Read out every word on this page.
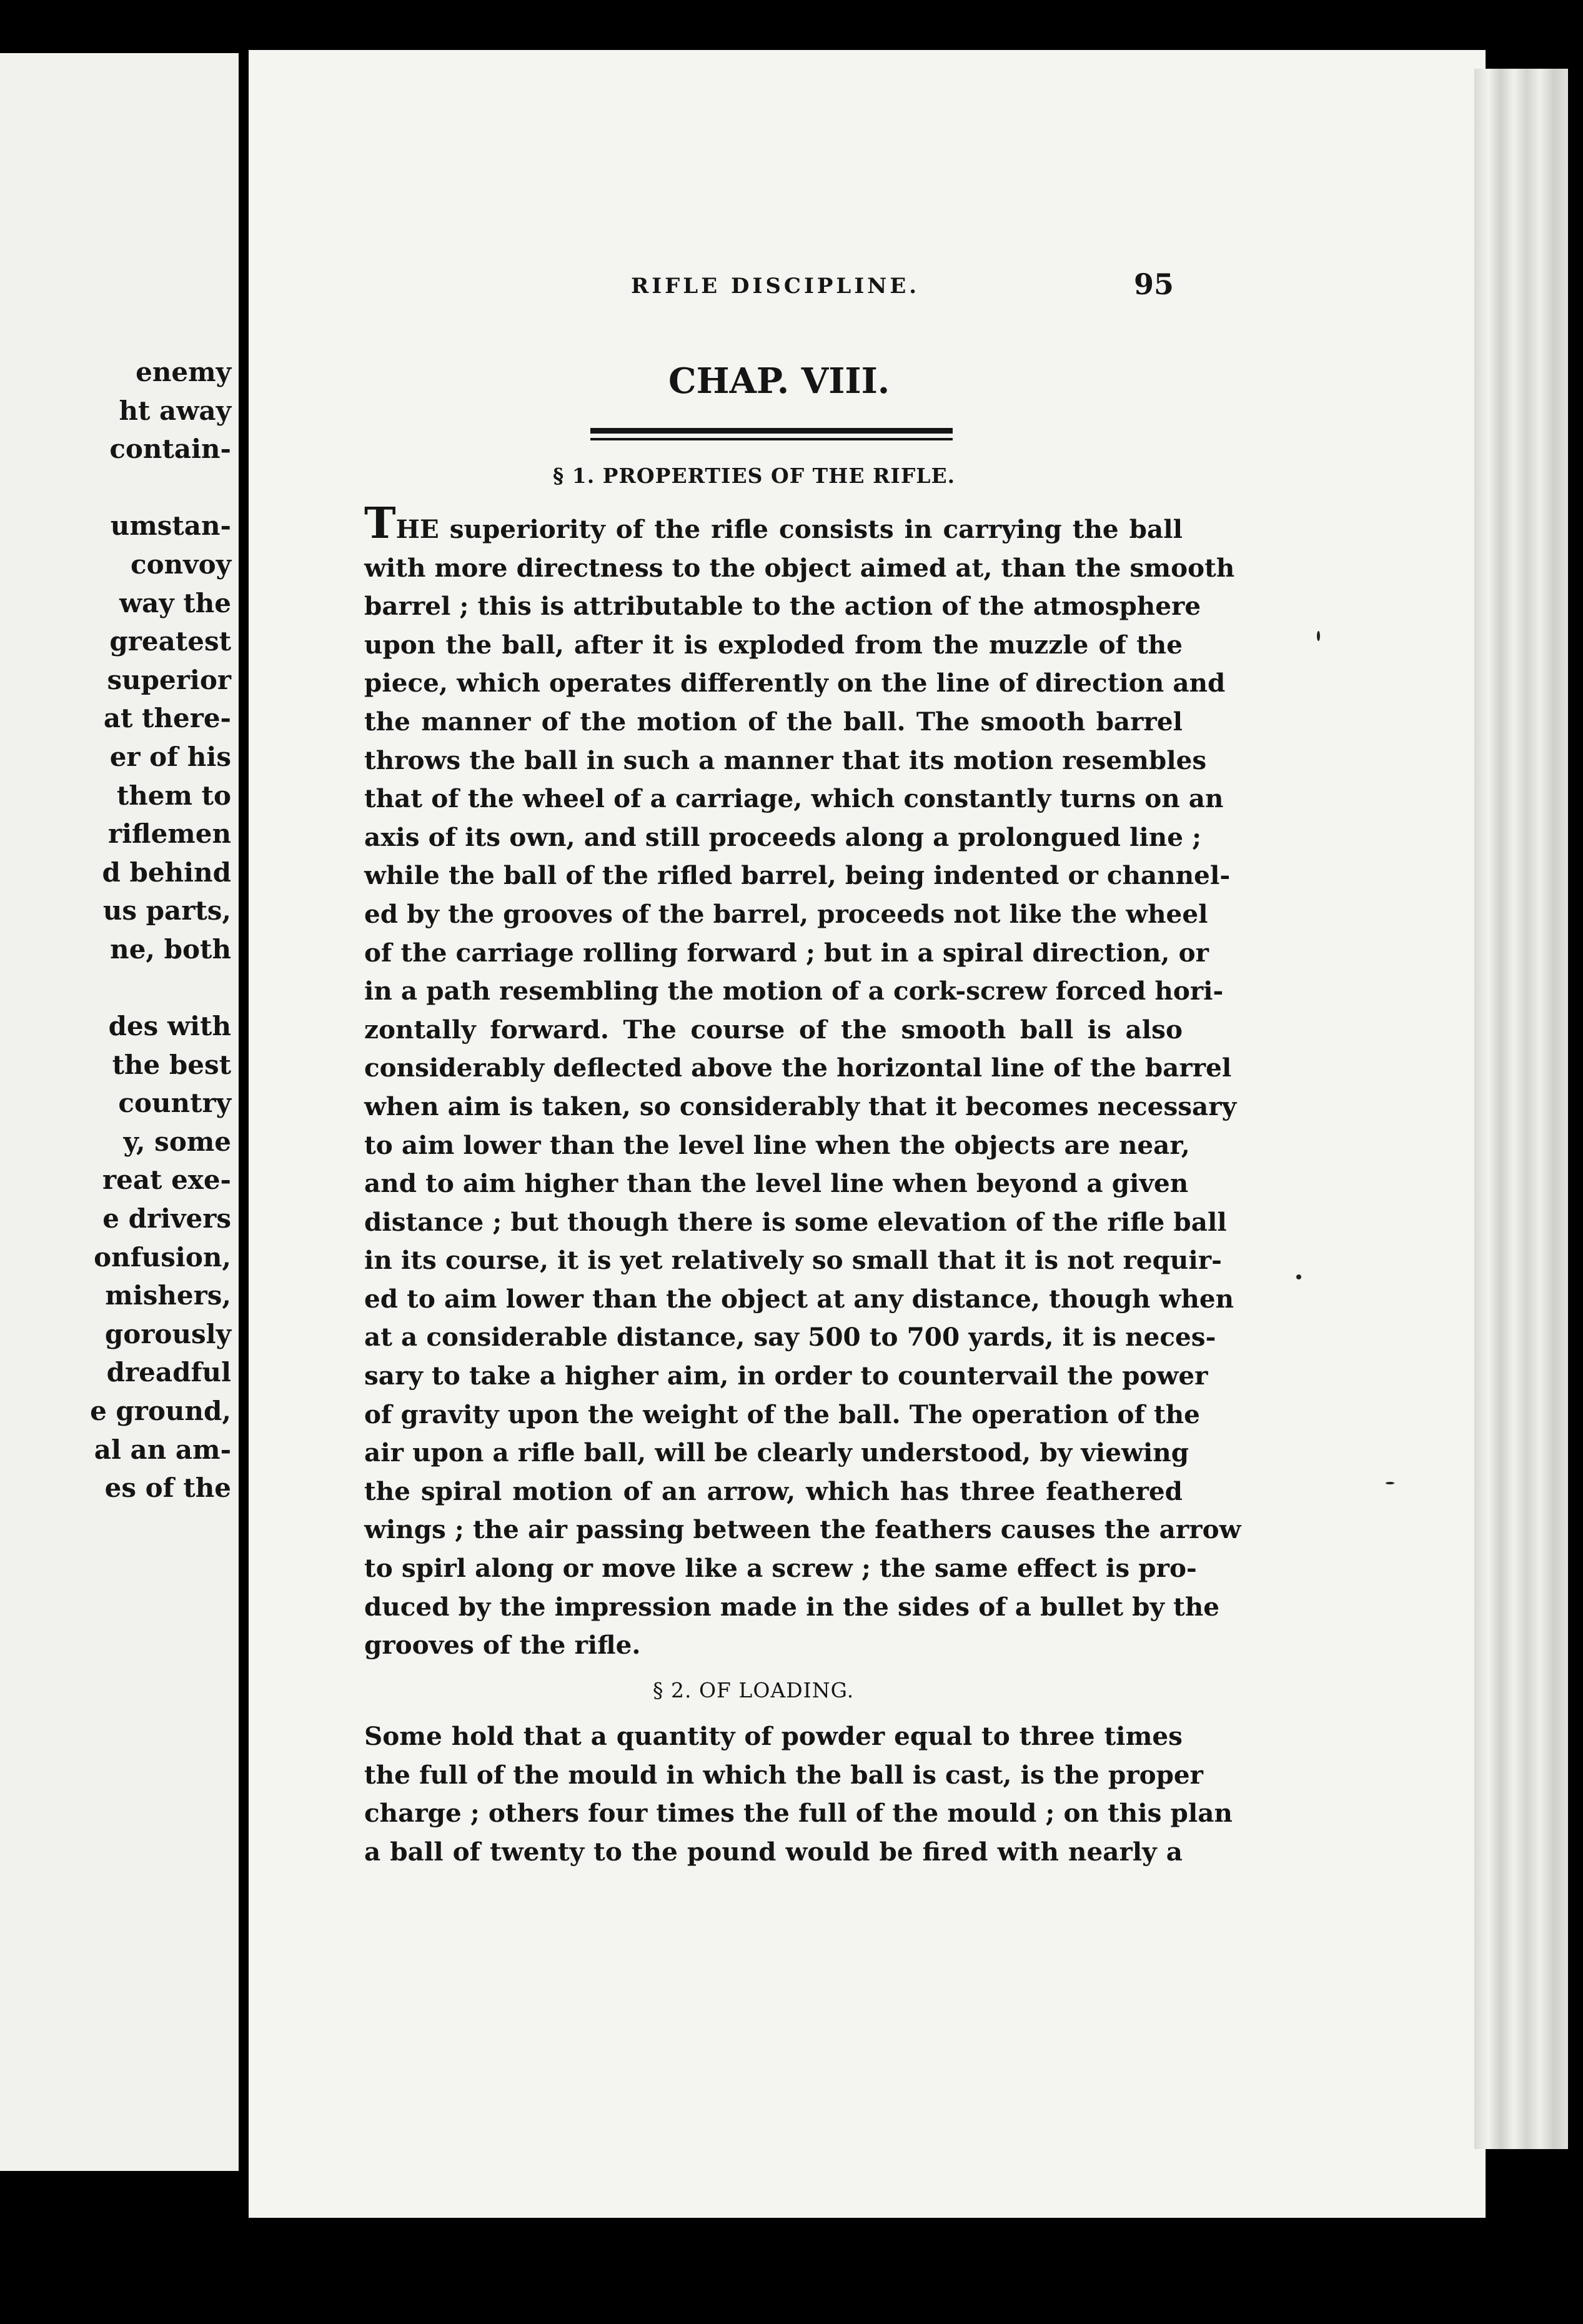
enemy
ht away
contain-
umstan-
convoy
way the
greatest
superior
at there-
er of his
them to
riflemen
d behind
us parts,
ne, both
des with
the best
country
y, some
reat exe-
e drivers
onfusion,
mishers,
gorously
dreadful
e ground,
al an am-
es of the
RIFLE DISCIPLINE.	95
CHAP. VIII.
§ 1. PROPERTIES OF THE RIFLE.
THE superiority of the rifle consists in carrying the ball
with more directness to the object aimed at, than the smooth
barrel ; this is attributable to the action of the atmosphere
upon the ball, after it is exploded from the muzzle of the
piece, which operates differently on the line of direction and
the manner of the motion of the ball. The smooth barrel
throws the ball in such a manner that its motion resembles
that of the wheel of a carriage, which constantly turns on an
axis of its own, and still proceeds along a prolongued line ;
while the ball of the rifled barrel, being indented or channel-
ed by the grooves of the barrel, proceeds not like the wheel
of the carriage rolling forward ; but in a spiral direction, or
in a path resembling the motion of a cork-screw forced hori-
zontally forward. The course of the smooth ball is also
considerably deflected above the horizontal line of the barrel
when aim is taken, so considerably that it becomes necessary
to aim lower than the level line when the objects are near,
and to aim higher than the level line when beyond a given
distance ; but though there is some elevation of the rifle ball
in its course, it is yet relatively so small that it is not requir-
ed to aim lower than the object at any distance, though when
at a considerable distance, say 500 to 700 yards, it is neces-
sary to take a higher aim, in order to countervail the power
of gravity upon the weight of the ball. The operation of the
air upon a rifle ball, will be clearly understood, by viewing
the spiral motion of an arrow, which has three feathered
wings ; the air passing between the feathers causes the arrow
to spirl along or move like a screw ; the same effect is pro-
duced by the impression made in the sides of a bullet by the
grooves of the rifle.
§ 2. OF LOADING.
Some hold that a quantity of powder equal to three times
the full of the mould in which the ball is cast, is the proper
charge ; others four times the full of the mould ; on this plan
a ball of twenty to the pound would be fired with nearly a
